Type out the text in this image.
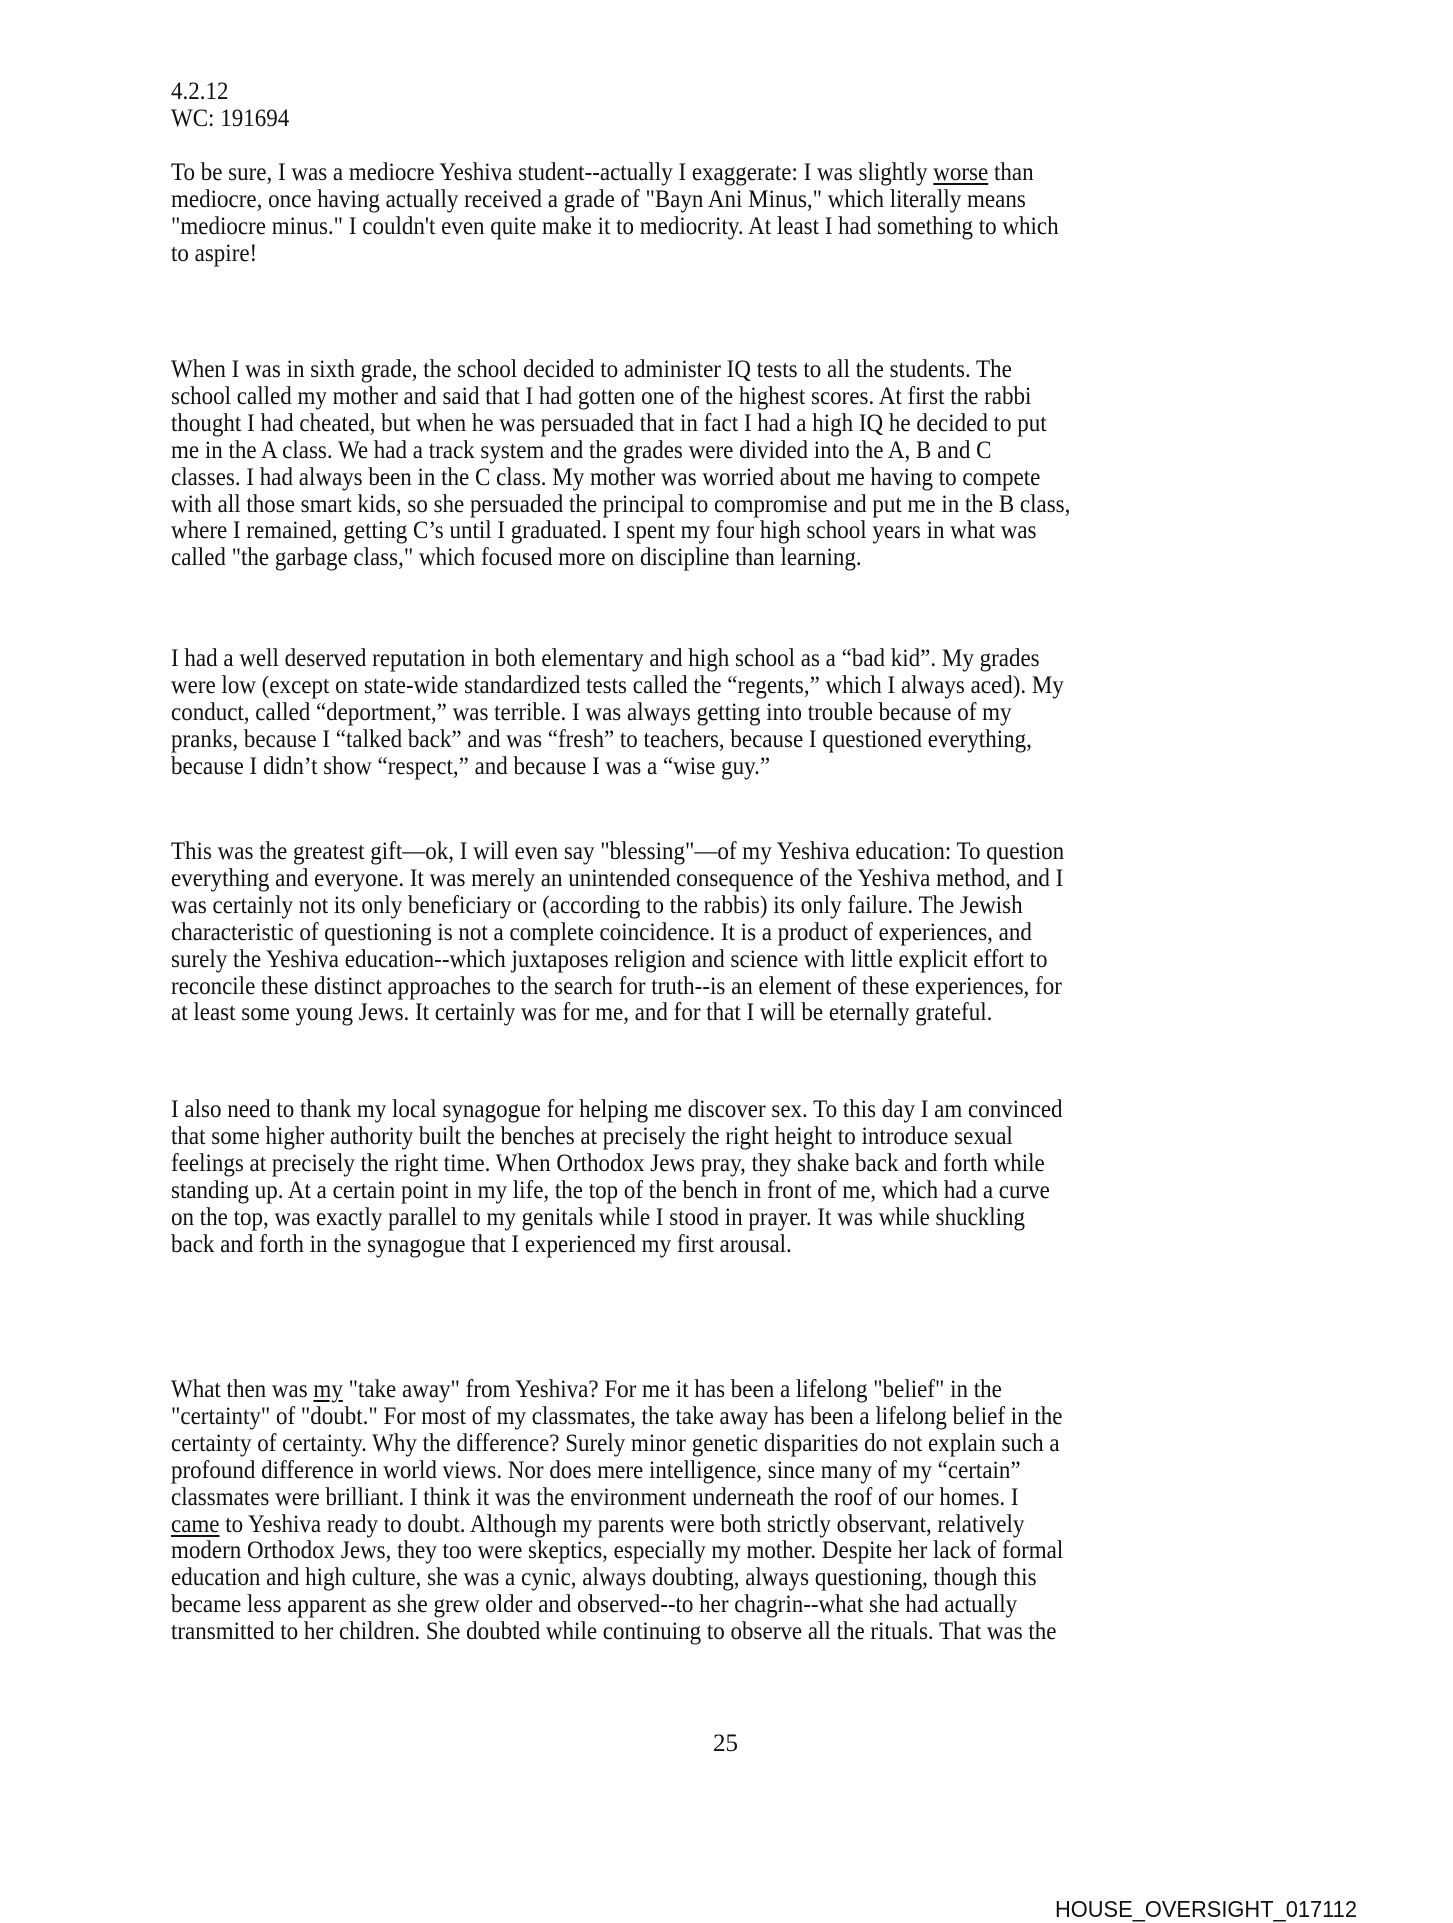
4.2.12
WC: 191694
To be sure, I was a mediocre Yeshiva student--actually I exaggerate: I was slightly worse than
mediocre, once having actually received a grade of "Bayn Ani Minus," which literally means
"mediocre minus." I couldn't even quite make it to mediocrity. At least I had something to which
to aspire!
When I was in sixth grade, the school decided to administer IQ tests to all the students. The
school called my mother and said that I had gotten one of the highest scores. At first the rabbi
thought I had cheated, but when he was persuaded that in fact I had a high IQ he decided to put
me in the A class. We had a track system and the grades were divided into the A, B and C
classes. I had always been in the C class. My mother was worried about me having to compete
with all those smart kids, so she persuaded the principal to compromise and put me in the B class,
where I remained, getting C’s until I graduated. I spent my four high school years in what was
called "the garbage class," which focused more on discipline than learning.
I had a well deserved reputation in both elementary and high school as a “bad kid”. My grades
were low (except on state-wide standardized tests called the “regents,” which I always aced). My
conduct, called “deportment,” was terrible. I was always getting into trouble because of my
pranks, because I “talked back” and was “fresh” to teachers, because I questioned everything,
because I didn’t show “respect,” and because I was a “wise guy.”
This was the greatest gift—ok, I will even say "blessing"—of my Yeshiva education: To question
everything and everyone. It was merely an unintended consequence of the Yeshiva method, and I
was certainly not its only beneficiary or (according to the rabbis) its only failure. The Jewish
characteristic of questioning is not a complete coincidence. It is a product of experiences, and
surely the Yeshiva education--which juxtaposes religion and science with little explicit effort to
reconcile these distinct approaches to the search for truth--is an element of these experiences, for
at least some young Jews. It certainly was for me, and for that I will be eternally grateful.
I also need to thank my local synagogue for helping me discover sex. To this day I am convinced
that some higher authority built the benches at precisely the right height to introduce sexual
feelings at precisely the right time. When Orthodox Jews pray, they shake back and forth while
standing up. At a certain point in my life, the top of the bench in front of me, which had a curve
on the top, was exactly parallel to my genitals while I stood in prayer. It was while shuckling
back and forth in the synagogue that I experienced my first arousal.
What then was my "take away" from Yeshiva? For me it has been a lifelong "belief" in the
"certainty" of "doubt." For most of my classmates, the take away has been a lifelong belief in the
certainty of certainty. Why the difference? Surely minor genetic disparities do not explain such a
profound difference in world views. Nor does mere intelligence, since many of my “certain”
classmates were brilliant. I think it was the environment underneath the roof of our homes. I
came to Yeshiva ready to doubt. Although my parents were both strictly observant, relatively
modern Orthodox Jews, they too were skeptics, especially my mother. Despite her lack of formal
education and high culture, she was a cynic, always doubting, always questioning, though this
became less apparent as she grew older and observed--to her chagrin--what she had actually
transmitted to her children. She doubted while continuing to observe all the rituals. That was the
25
HOUSE_OVERSIGHT_017112
